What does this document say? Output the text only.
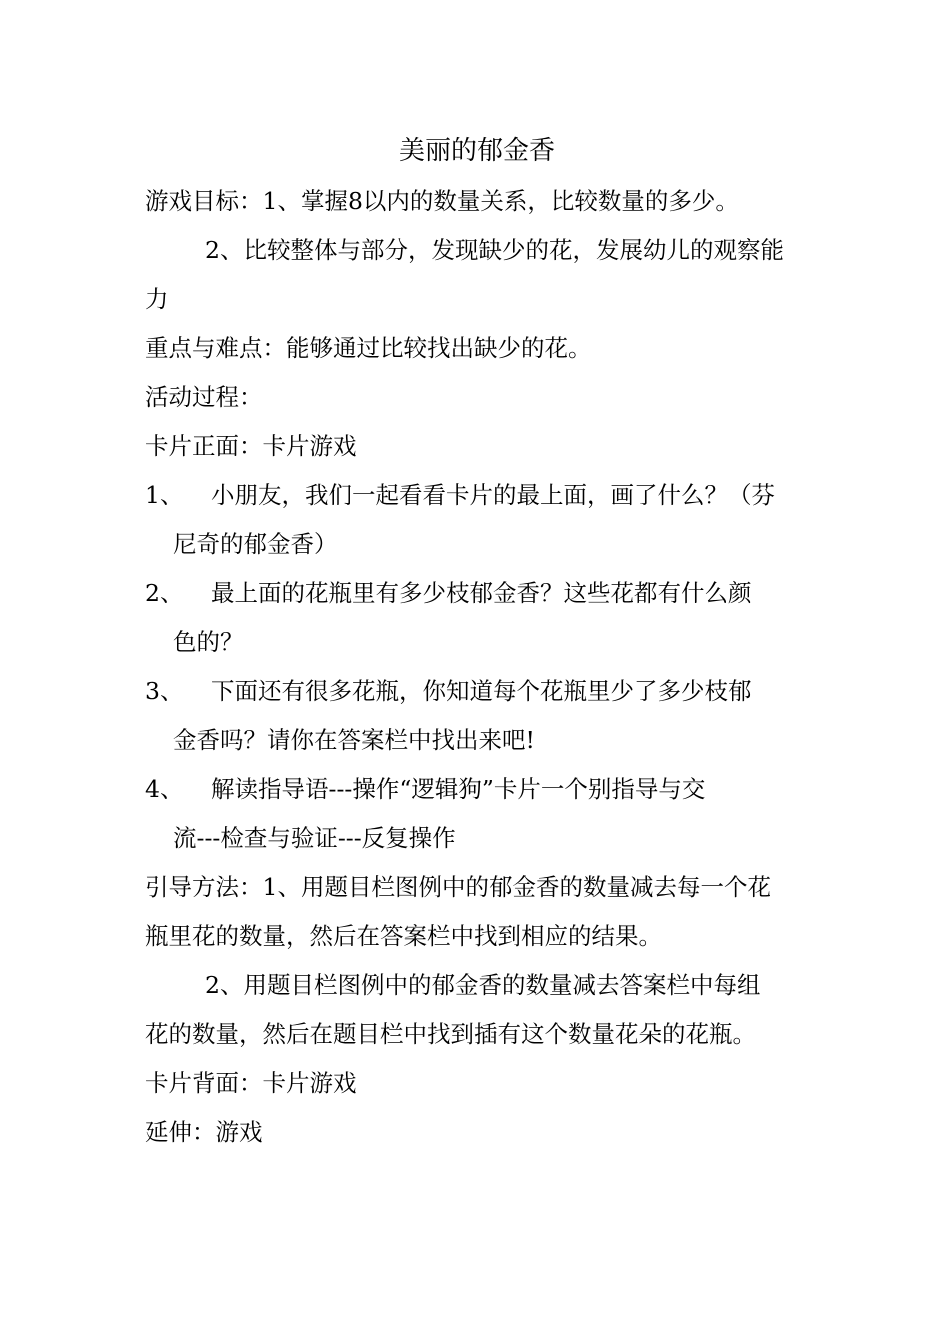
美丽的郁金香

游戏目标：1、掌握8以内的数量关系，比较数量的多少。

2、比较整体与部分，发现缺少的花，发展幼儿的观察能

力

重点与难点：能够通过比较找出缺少的花。

活动过程：

卡片正面：卡片游戏

1、	小朋友，我们一起看看卡片的最上面，画了什么？（芬
尼奇的郁金香）
2、	最上面的花瓶里有多少枝郁金香？这些花都有什么颜
色的？
3、	下面还有很多花瓶，你知道每个花瓶里少了多少枝郁
金香吗？请你在答案栏中找出来吧!
4、	解读指导语---操作“逻辑狗”卡片一个别指导与交
流---检查与验证---反复操作

引导方法：1、用题目栏图例中的郁金香的数量减去每一个花

瓶里花的数量，然后在答案栏中找到相应的结果。

2、用题目栏图例中的郁金香的数量减去答案栏中每组

花的数量，然后在题目栏中找到插有这个数量花朵的花瓶。

卡片背面：卡片游戏

延伸：游戏
